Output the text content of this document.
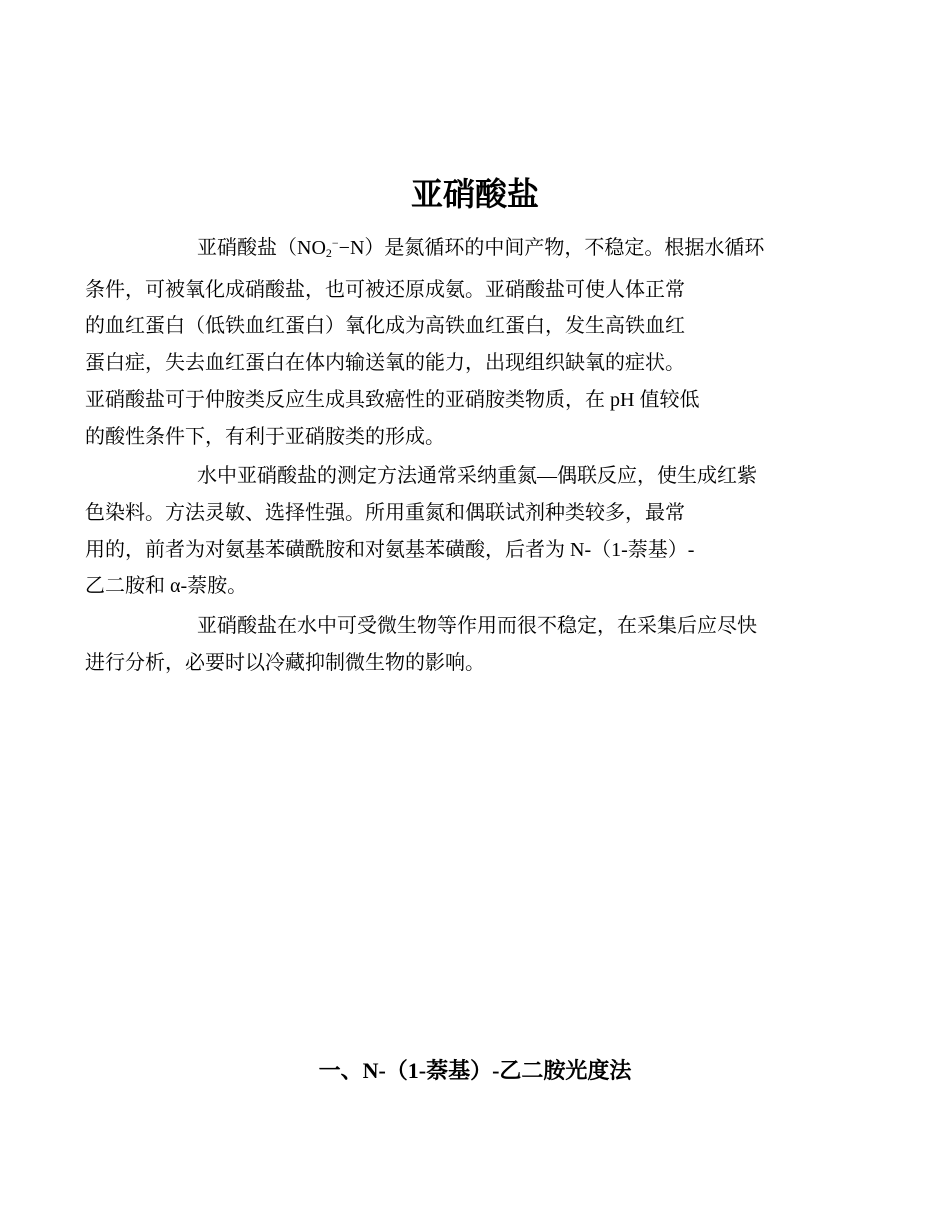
亚硝酸盐

亚硝酸盐$(NO_2^--N)$是氮循环的中间产物，不稳定。根据水循环
条件，可被氧化成硝酸盐，也可被还原成氨。亚硝酸盐可使人体正常
的血红蛋白（低铁血红蛋白）氧化成为高铁血红蛋白，发生高铁血红
蛋白症，失去血红蛋白在体内输送氧的能力，出现组织缺氧的症状。
亚硝酸盐可于仲胺类反应生成具致癌性的亚硝胺类物质，在 pH 值较低
的酸性条件下，有利于亚硝胺类的形成。

水中亚硝酸盐的测定方法通常采纳重氮—偶联反应，使生成红紫
色染料。方法灵敏、选择性强。所用重氮和偶联试剂种类较多，最常
用的，前者为对氨基苯磺酰胺和对氨基苯磺酸，后者为 N-（1-萘基）-
乙二胺和 α-萘胺。

亚硝酸盐在水中可受微生物等作用而很不稳定，在采集后应尽快
进行分析，必要时以冷藏抑制微生物的影响。

一、N-（1-萘基）-乙二胺光度法
